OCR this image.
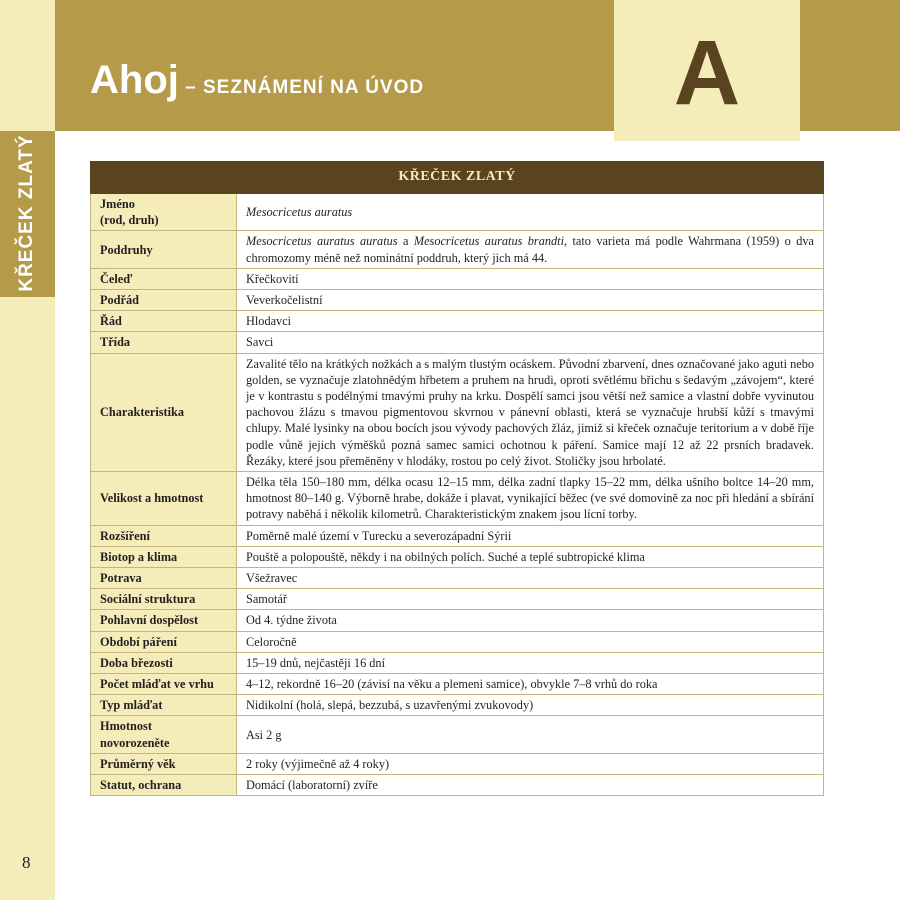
KŘEČEK ZLATÝ
Ahoj – SEZNÁMENÍ NA ÚVOD	A
KŘEČEK ZLATÝ	
Jméno
(rod, druh)	Mesocricetus auratus
Poddruhy	Mesocricetus auratus auratus a Mesocricetus auratus brandti, tato varieta má podle Wahrmana (1959) o dva chromozomy méně než nominátní poddruh, který jich má 44.
Čeleď	Křečkovití
Podřád	Veverkočelistní
Řád	Hlodavci
Třída	Savci
Charakteristika	Zavalité tělo na krátkých nožkách a s malým tlustým ocáskem. Původní zbarvení, dnes označované jako aguti nebo golden, se vyznačuje zlatohnědým hřbetem a pruhem na hrudi, oproti světlému břichu s šedavým „závojem“, které je v kontrastu s podélnými tmavými pruhy na krku. Dospělí samci jsou větší než samice a vlastní dobře vyvinutou pachovou žlázu s tmavou pigmentovou skvrnou v pánevní oblasti, která se vyznačuje hrubší kůží s tmavými chlupy. Malé lysinky na obou bocích jsou vývody pachových žláz, jimiž si křeček označuje teritorium a v době říje podle vůně jejich výměšků pozná samec samici ochotnou k páření. Samice mají 12 až 22 prsních bradavek. Řezáky, které jsou přeměněny v hlodáky, rostou po celý život. Stoličky jsou hrbolaté.
Velikost a hmotnost	Délka těla 150–180 mm, délka ocasu 12–15 mm, délka zadní tlapky 15–22 mm, délka ušního boltce 14–20 mm, hmotnost 80–140 g. Výborně hrabe, dokáže i plavat, vynikající běžec (ve své domovině za noc při hledání a sbírání potravy naběhá i několik kilometrů. Charakteristickým znakem jsou lícní torby.
Rozšíření	Poměrně malé území v Turecku a severozápadní Sýrii
Biotop a klima	Pouště a polopouště, někdy i na obilných polích. Suché a teplé subtropické klima
Potrava	Všežravec
Sociální struktura	Samotář
Pohlavní dospělost	Od 4. týdne života
Období páření	Celoročně
Doba březosti	15–19 dnů, nejčastěji 16 dní
Počet mláďat ve vrhu	4–12, rekordně 16–20 (závisí na věku a plemeni samice), obvykle 7–8 vrhů do roka
Typ mláďat	Nidikolní (holá, slepá, bezzubá, s uzavřenými zvukovody)
Hmotnost
novorozeněte	Asi 2 g
Průměrný věk	2 roky (výjimečně až 4 roky)
Statut, ochrana	Domácí (laboratorní) zvíře
8
